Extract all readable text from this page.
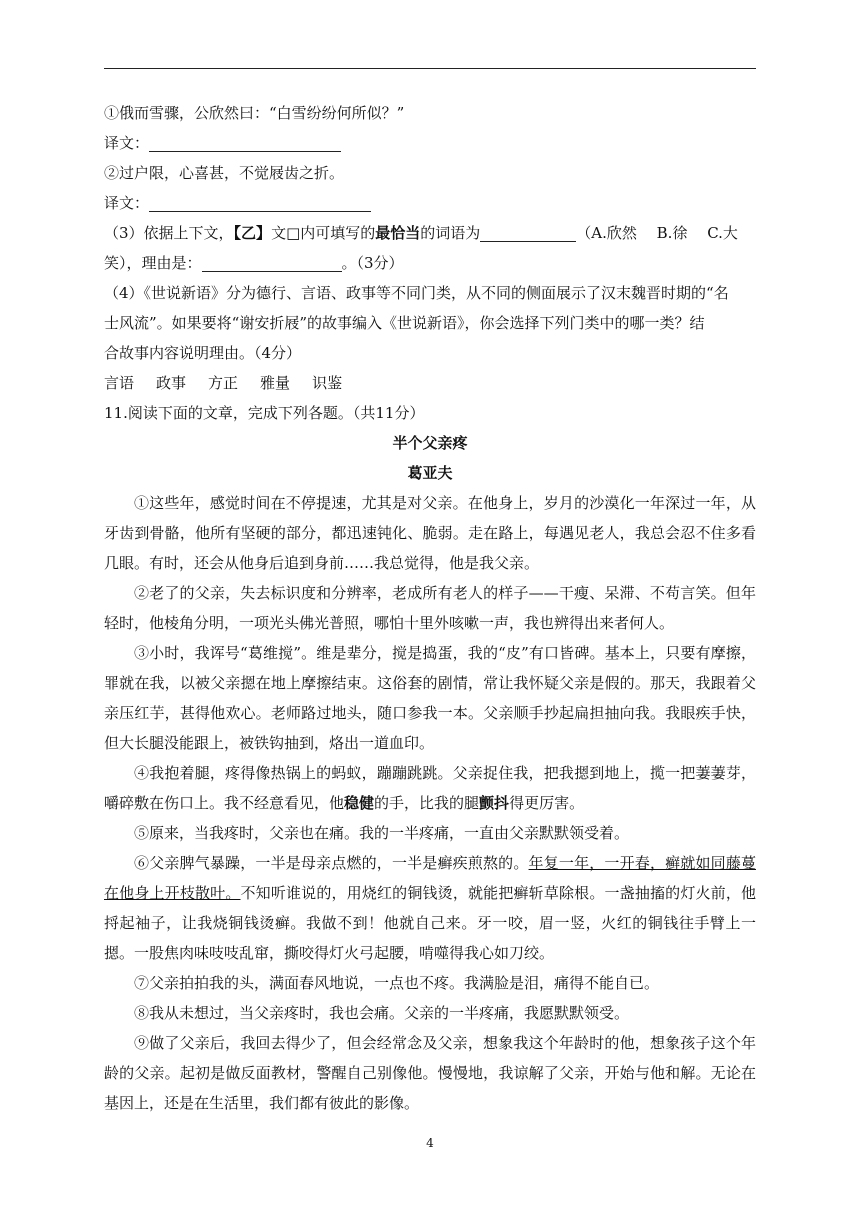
①俄而雪骤，公欣然曰：“白雪纷纷何所似？”
译文：
②过户限，心喜甚，不觉屐齿之折。
译文：
（3）依据上下文，【乙】文□内可填写的最恰当的词语为	（A.欣然　 B.徐　 C.大
笑），理由是：	。（3分）
（4）《世说新语》分为德行、言语、政事等不同门类，从不同的侧面展示了汉末魏晋时期的“名
士风流”。如果要将“谢安折屐”的故事编入《世说新语》，你会选择下列门类中的哪一类？结
合故事内容说明理由。（4分）
言语 政事 方正 雅量 识鉴
11.阅读下面的文章，完成下列各题。（共11分）
半个父亲疼
葛亚夫

①这些年，感觉时间在不停提速，尤其是对父亲。在他身上，岁月的沙漠化一年深过一年，从牙齿到骨骼，他所有坚硬的部分，都迅速钝化、脆弱。走在路上，每遇见老人，我总会忍不住多看几眼。有时，还会从他身后追到身前……我总觉得，他是我父亲。

②老了的父亲，失去标识度和分辨率，老成所有老人的样子——干瘦、呆滞、不苟言笑。但年轻时，他棱角分明，一项光头佛光普照，哪怕十里外咳嗽一声，我也辨得出来者何人。

③小时，我诨号“葛维搅”。维是辈分，搅是捣蛋，我的“皮”有口皆碑。基本上，只要有摩擦，罪就在我，以被父亲摁在地上摩擦结束。这俗套的剧情，常让我怀疑父亲是假的。那天，我跟着父亲压红芋，甚得他欢心。老师路过地头，随口参我一本。父亲顺手抄起扁担抽向我。我眼疾手快，但大长腿没能跟上，被铁钩抽到，烙出一道血印。

④我抱着腿，疼得像热锅上的蚂蚁，蹦蹦跳跳。父亲捉住我，把我摁到地上，揽一把萋萋芽，嚼碎敷在伤口上。我不经意看见，他稳健的手，比我的腿颤抖得更厉害。

⑤原来，当我疼时，父亲也在痛。我的一半疼痛，一直由父亲默默领受着。

⑥父亲脾气暴躁，一半是母亲点燃的，一半是癣疾煎熬的。年复一年，一开春，癣就如同藤蔓在他身上开枝散叶。不知听谁说的，用烧红的铜钱烫，就能把癣斩草除根。一盏抽搐的灯火前，他捋起袖子，让我烧铜钱烫癣。我做不到！他就自己来。牙一咬，眉一竖，火红的铜钱往手臂上一摁。一股焦肉味吱吱乱窜，撕咬得灯火弓起腰，啃噬得我心如刀绞。

⑦父亲拍拍我的头，满面春风地说，一点也不疼。我满脸是泪，痛得不能自已。

⑧我从未想过，当父亲疼时，我也会痛。父亲的一半疼痛，我愿默默领受。

⑨做了父亲后，我回去得少了，但会经常念及父亲，想象我这个年龄时的他，想象孩子这个年龄的父亲。起初是做反面教材，警醒自己别像他。慢慢地，我谅解了父亲，开始与他和解。无论在基因上，还是在生活里，我们都有彼此的影像。

4
